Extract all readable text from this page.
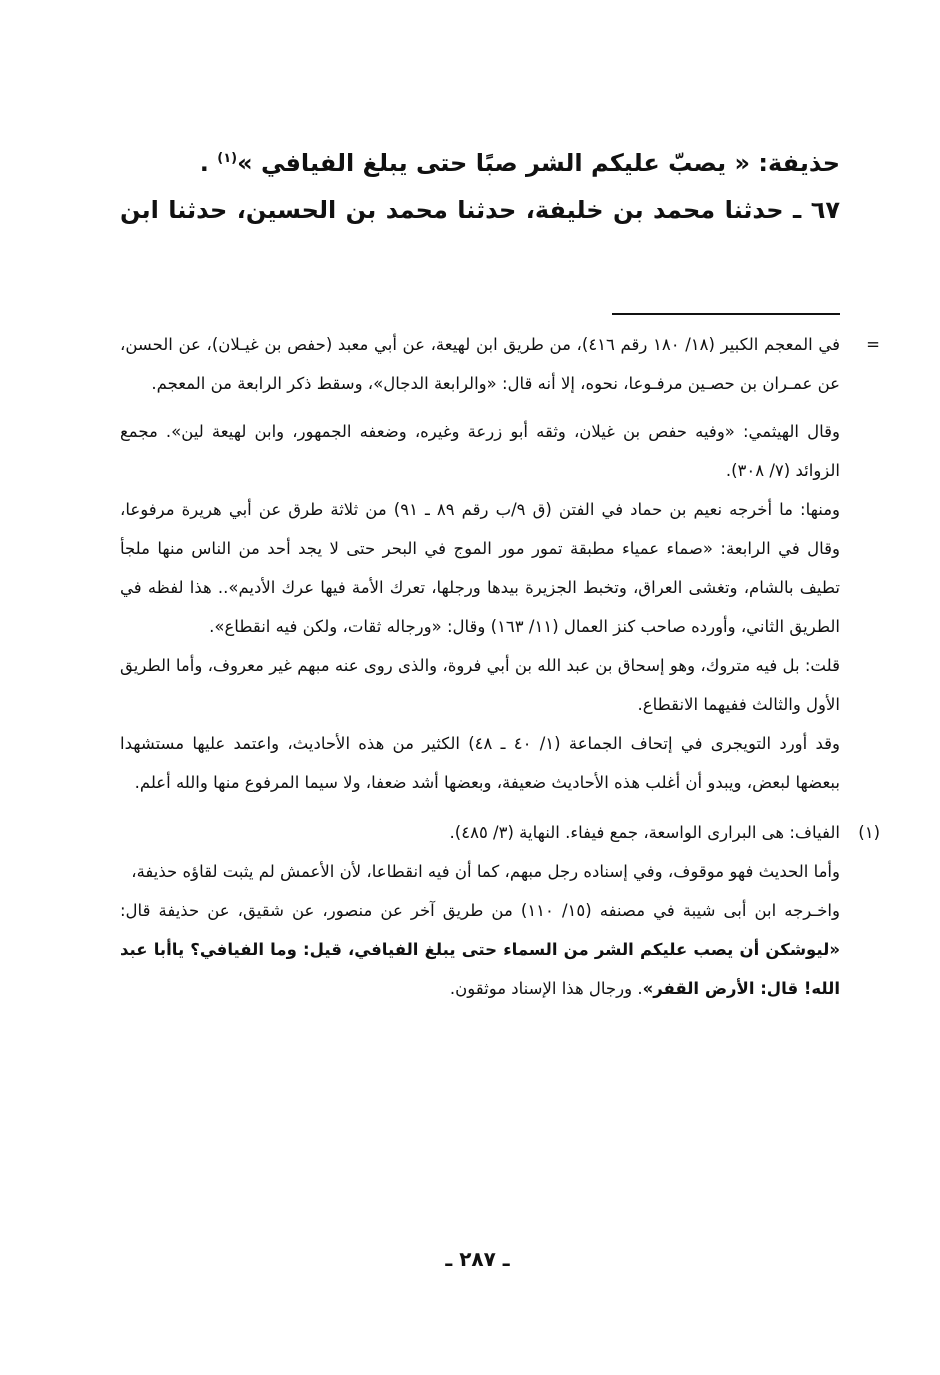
حذيفة: « يصبّ عليكم الشر صبًا حتى يبلغ الفيافي »$^{(١)}$ .
٦٧ ـ حدثنا محمد بن خليفة، حدثنا محمد بن الحسين، حدثنا ابن
=

في المعجم الكبير (١٨/ ١٨٠ رقم ٤١٦)، من طريق ابن لهيعة، عن أبي معبد (حفص بن غيـلان)، عن الحسن، عن عمـران بن حصـين مرفـوعا، نحوه، إلا أنه قال: «والرابعة الدجال»، وسقط ذكر الرابعة من المعجم.

وقال الهيثمي: «وفيه حفص بن غيلان، وثقه أبو زرعة وغيره، وضعفه الجمهور، وابن لهيعة لين». مجمع الزوائد (٧/ ٣٠٨).

ومنها: ما أخرجه نعيم بن حماد في الفتن (ق ٩/ب رقم ٨٩ ـ ٩١) من ثلاثة طرق عن أبي هريرة مرفوعا، وقال في الرابعة: «صماء عمياء مطبقة تمور مور الموج في البحر حتى لا يجد أحد من الناس منها ملجأ تطيف بالشام، وتغشى العراق، وتخبط الجزيرة بيدها ورجلها، تعرك الأمة فيها عرك الأديم».. هذا لفظه في الطريق الثاني، وأورده صاحب كنز العمال (١١/ ١٦٣) وقال: «ورجاله ثقات، ولكن فيه انقطاع».

قلت: بل فيه متروك، وهو إسحاق بن عبد الله بن أبي فروة، والذى روى عنه مبهم غير معروف، وأما الطريق الأول والثالث ففيهما الانقطاع.

وقد أورد التويجرى في إتحاف الجماعة (١/ ٤٠ ـ ٤٨) الكثير من هذه الأحاديث، واعتمد عليها مستشهدا ببعضها لبعض، ويبدو أن أغلب هذه الأحاديث ضعيفة، وبعضها أشد ضعفا، ولا سيما المرفوع منها والله أعلم.

(١)

الفياف: هى البرارى الواسعة، جمع فيفاء. النهاية (٣/ ٤٨٥).

وأما الحديث فهو موقوف، وفي إسناده رجل مبهم، كما أن فيه انقطاعا، لأن الأعمش لم يثبت لقاؤه حذيفة،

واخـرجه ابن أبى شيبة في مصنفه (١٥/ ١١٠) من طريق آخر عن منصور، عن شقيق، عن حذيفة قال: «ليوشكن أن يصب عليكم الشر من السماء حتى يبلغ الفيافي، قيل: وما الفيافي؟ ياأبا عبد الله! قال: الأرض القفر». ورجال هذا الإسناد موثقون.

ـ ٢٨٧ ـ
